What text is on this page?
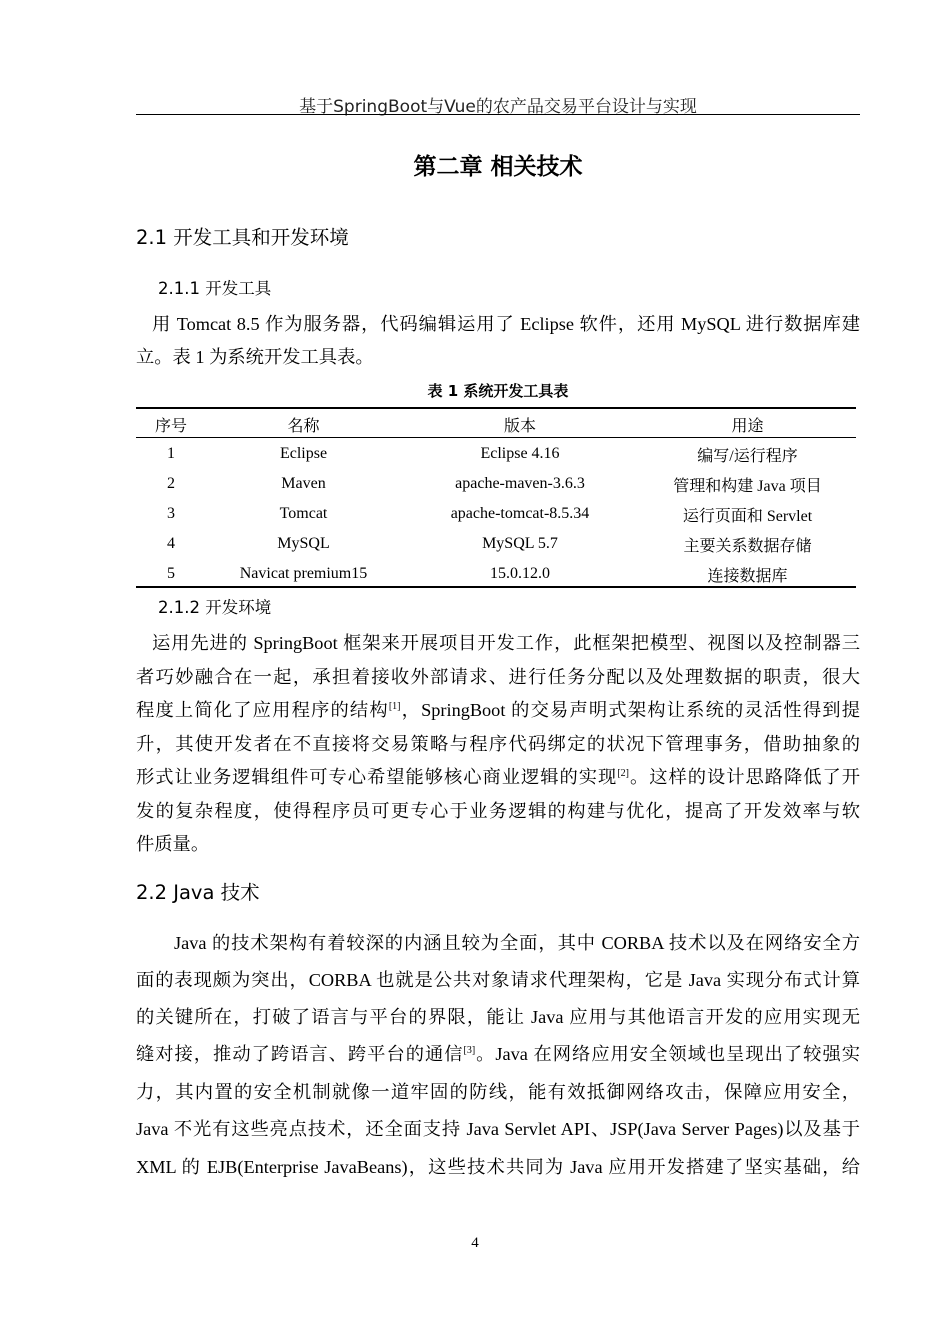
基于SpringBoot与Vue的农产品交易平台设计与实现
第二章 相关技术
2.1 开发工具和开发环境
2.1.1 开发工具
用 Tomcat 8.5 作为服务器，代码编辑运用了 Eclipse 软件，还用 MySQL 进行数据库建
立。表 1 为系统开发工具表。
表 1 系统开发工具表
序号	名称	版本	用途
1	Eclipse	Eclipse 4.16	编写/运行程序
2	Maven	apache-maven-3.6.3	管理和构建 Java 项目
3	Tomcat	apache-tomcat-8.5.34	运行页面和 Servlet
4	MySQL	MySQL 5.7	主要关系数据存储
5	Navicat premium15	15.0.12.0	连接数据库
2.1.2 开发环境
运用先进的 SpringBoot 框架来开展项目开发工作，此框架把模型、视图以及控制器三
者巧妙融合在一起，承担着接收外部请求、进行任务分配以及处理数据的职责，很大
程度上简化了应用程序的结构[1]，SpringBoot 的交易声明式架构让系统的灵活性得到提
升，其使开发者在不直接将交易策略与程序代码绑定的状况下管理事务，借助抽象的
形式让业务逻辑组件可专心希望能够核心商业逻辑的实现[2]。这样的设计思路降低了开
发的复杂程度，使得程序员可更专心于业务逻辑的构建与优化，提高了开发效率与软
件质量。
2.2 Java 技术
Java 的技术架构有着较深的内涵且较为全面，其中 CORBA 技术以及在网络安全方
面的表现颇为突出，CORBA 也就是公共对象请求代理架构，它是 Java 实现分布式计算
的关键所在，打破了语言与平台的界限，能让 Java 应用与其他语言开发的应用实现无
缝对接，推动了跨语言、跨平台的通信[3]。Java 在网络应用安全领域也呈现出了较强实
力，其内置的安全机制就像一道牢固的防线，能有效抵御网络攻击，保障应用安全，
Java 不光有这些亮点技术，还全面支持 Java Servlet API、JSP(Java Server Pages)以及基于
XML 的 EJB(Enterprise JavaBeans)，这些技术共同为 Java 应用开发搭建了坚实基础，给
4
